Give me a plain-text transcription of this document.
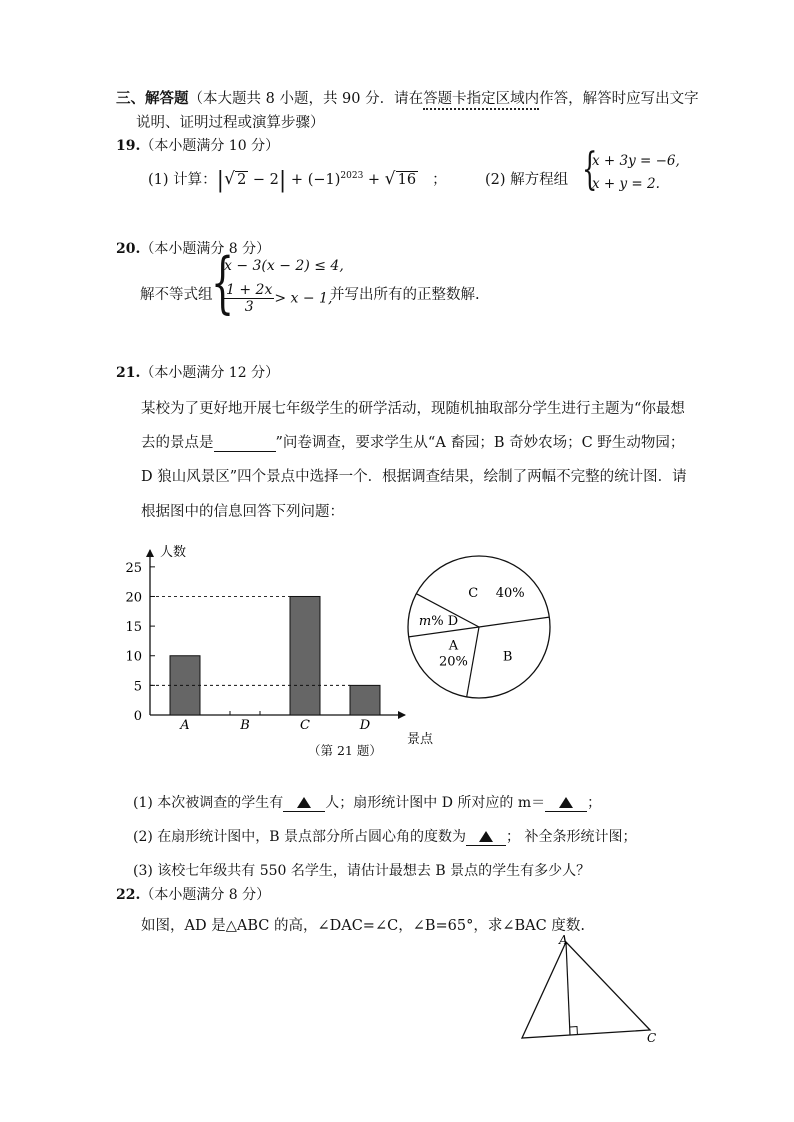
三、解答题（本大题共 8 小题，共 90 分．请在答题卡指定区域内作答，解答时应写出文字
说明、证明过程或演算步骤）
19.（本小题满分 10 分）
(1) 计算：| √ $2 - 2| + (-1)^{2023}$ + √ 16 ；	(2) 解方程组 {
x + 3y = −6,
x + y = 2.
20.（本小题满分 8 分）
解不等式组
{
x − 3(x − 2) ≤ 4,
$\frac{1 + 2x}{3} > x - 1$,
并写出所有的正整数解.
21.（本小题满分 12 分）
某校为了更好地开展七年级学生的研学活动，现随机抽取部分学生进行主题为“你最想
去的景点是	”问卷调查，要求学生从“A 畜园；B 奇妙农场；C 野生动物园；
D 狼山风景区”四个景点中选择一个．根据调查结果，绘制了两幅不完整的统计图．请
根据图中的信息回答下列问题：
人数
景点
0
5
10
15
20
25
A	B	C	D
C 40%
B
A
20%
m% D
（第 21 题）
(1) 本次被调查的学生有	人；扇形统计图中 D 所对应的 m＝	；
(2) 在扇形统计图中，B 景点部分所占圆心角的度数为	； 补全条形统计图；
(3) 该校七年级共有 550 名学生，请估计最想去 B 景点的学生有多少人？
22.（本小题满分 8 分）
如图，AD 是△ABC 的高，∠DAC=∠C，∠B=65°，求∠BAC 度数.
A
C
